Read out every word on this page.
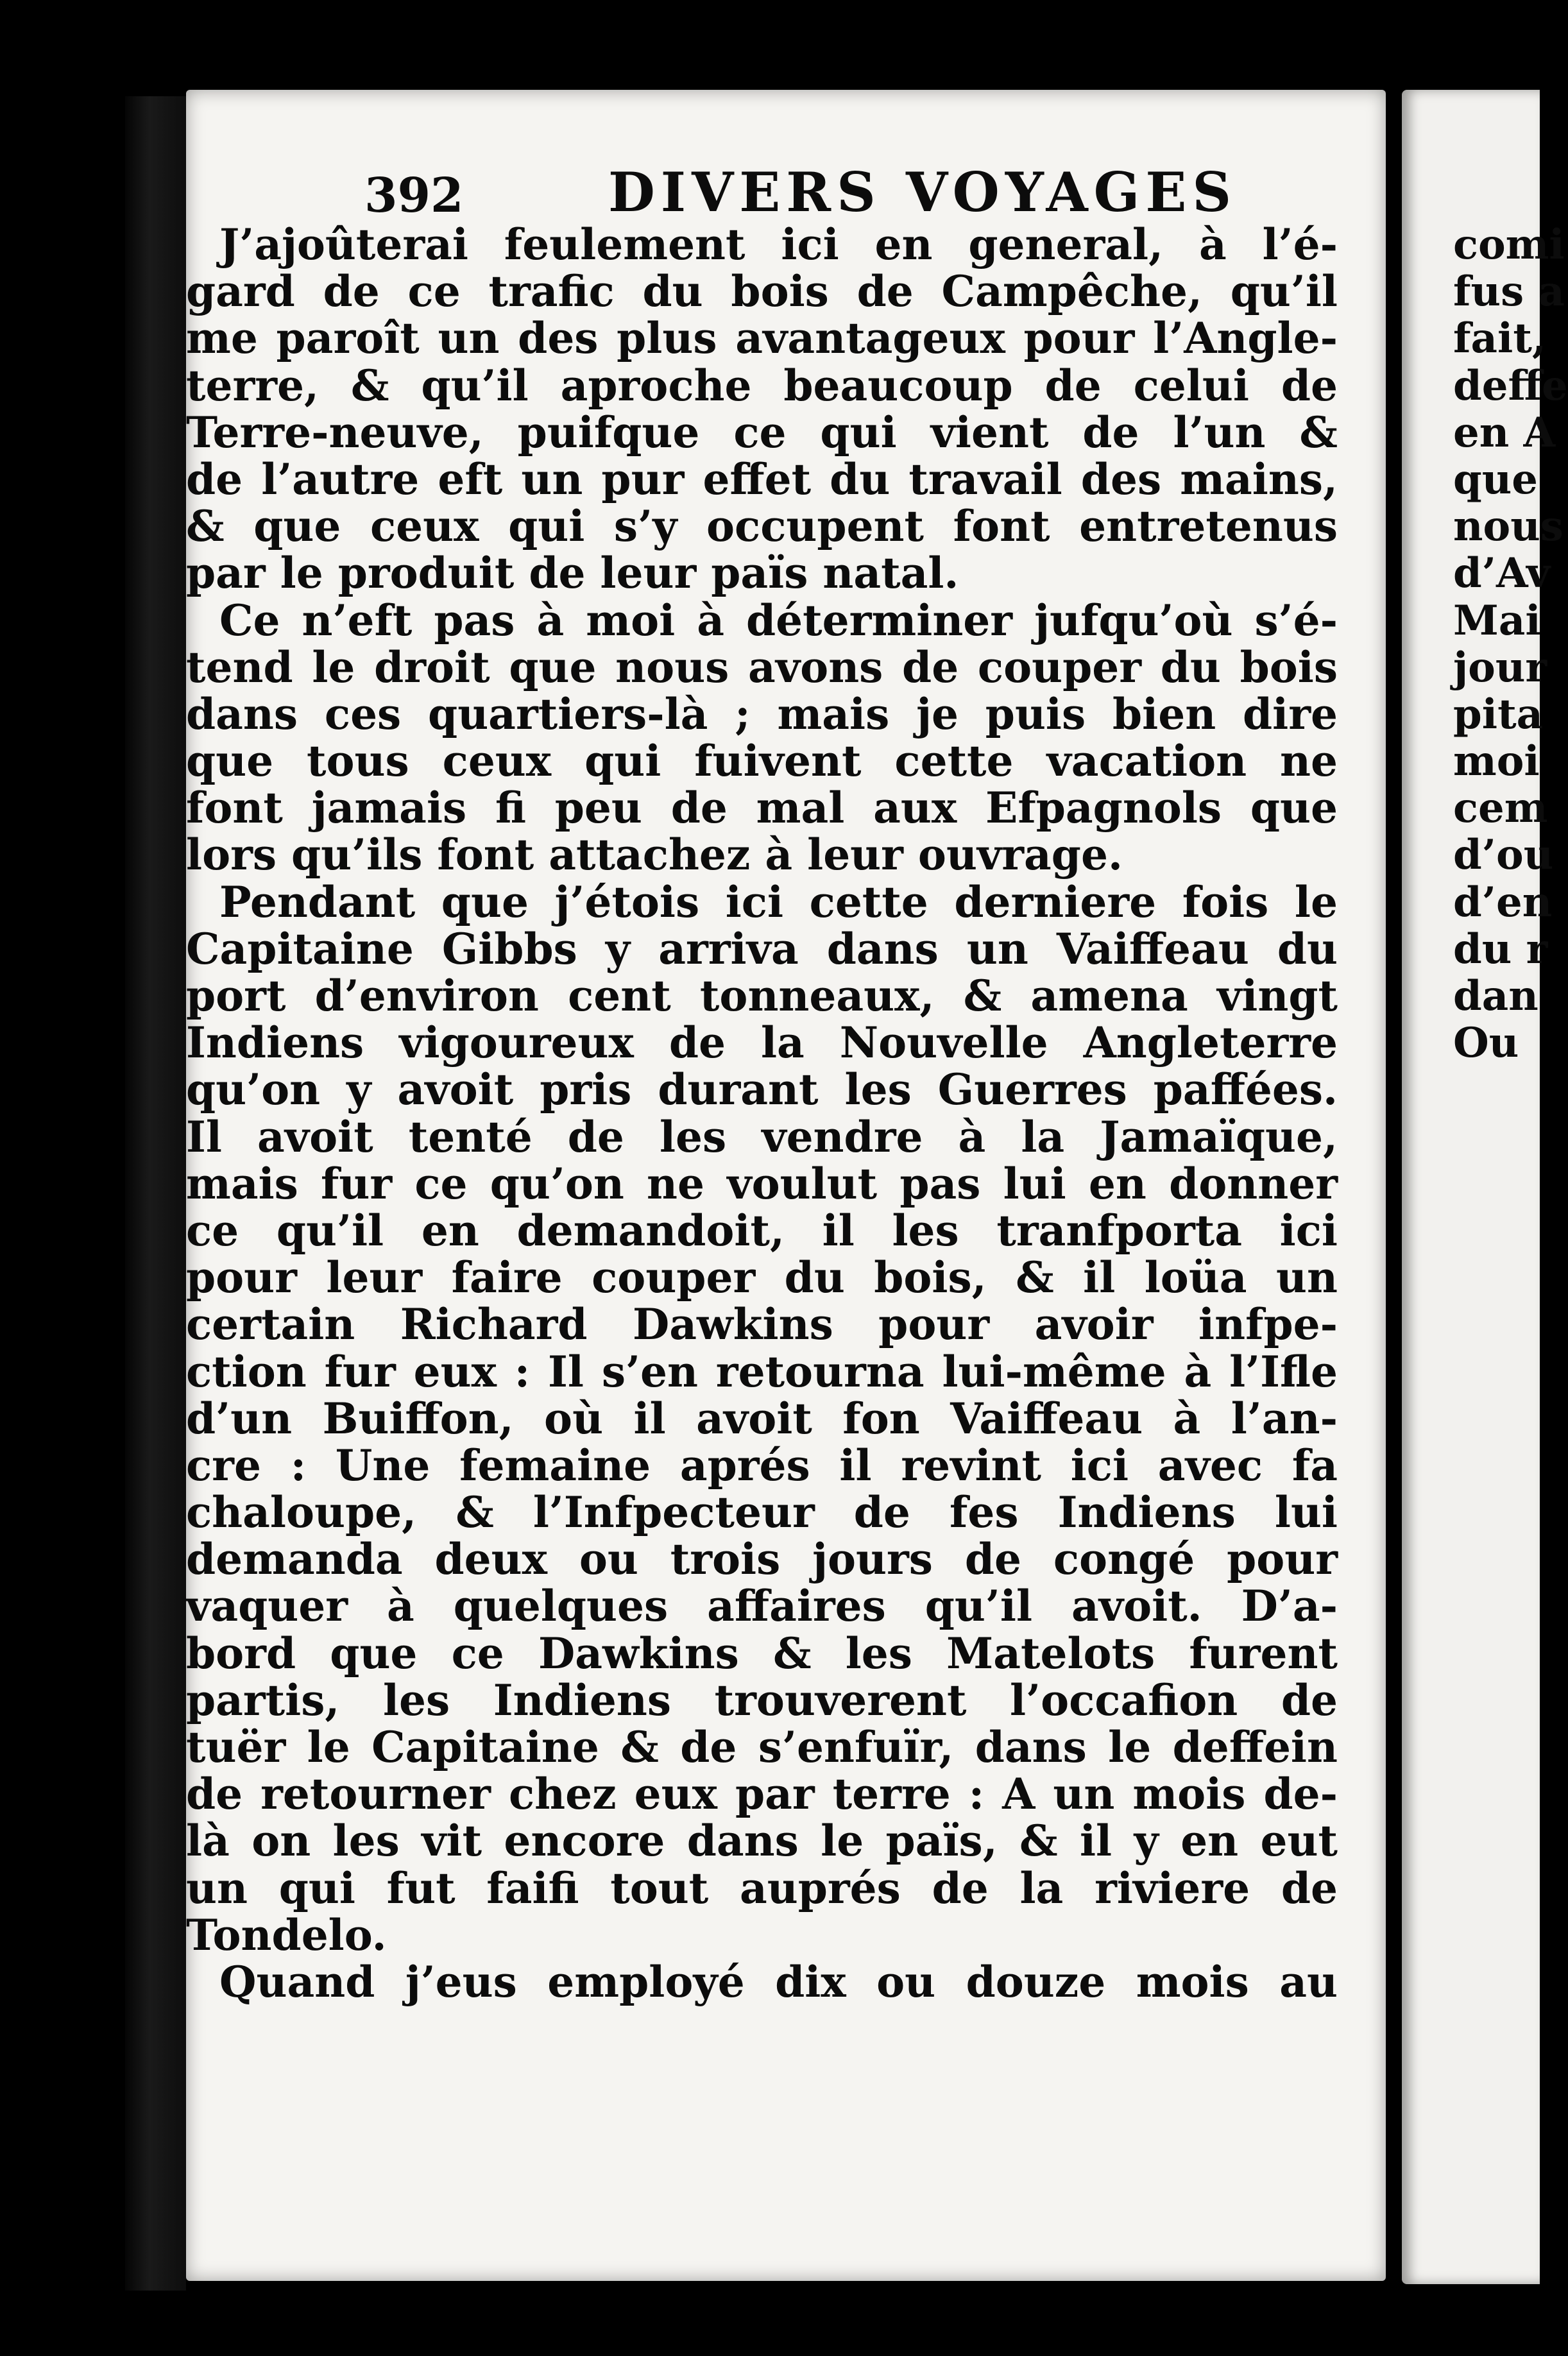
392	DIVERS VOYAGES
J’ajoûterai feulement ici en general, à l’é-
gard de ce trafic du bois de Campêche, qu’il
me paroît un des plus avantageux pour l’Angle-
terre, & qu’il aproche beaucoup de celui de
Terre-neuve, puifque ce qui vient de l’un &
de l’autre eft un pur effet du travail des mains,
& que ceux qui s’y occupent font entretenus
par le produit de leur païs natal.
Ce n’eft pas à moi à déterminer jufqu’où s’é-
tend le droit que nous avons de couper du bois
dans ces quartiers-là ; mais je puis bien dire
que tous ceux qui fuivent cette vacation ne
font jamais fi peu de mal aux Efpagnols que
lors qu’ils font attachez à leur ouvrage.
Pendant que j’étois ici cette derniere fois le
Capitaine Gibbs y arriva dans un Vaiffeau du
port d’environ cent tonneaux, & amena vingt
Indiens vigoureux de la Nouvelle Angleterre
qu’on y avoit pris durant les Guerres paffées.
Il avoit tenté de les vendre à la Jamaïque,
mais fur ce qu’on ne voulut pas lui en donner
ce qu’il en demandoit, il les tranfporta ici
pour leur faire couper du bois, & il loüa un
certain Richard Dawkins pour avoir infpe-
ction fur eux : Il s’en retourna lui-même à l’Ifle
d’un Buiffon, où il avoit fon Vaiffeau à l’an-
cre : Une femaine aprés il revint ici avec fa
chaloupe, & l’Infpecteur de fes Indiens lui
demanda deux ou trois jours de congé pour
vaquer à quelques affaires qu’il avoit. D’a-
bord que ce Dawkins & les Matelots furent
partis, les Indiens trouverent l’occafion de
tuër le Capitaine & de s’enfuïr, dans le deffein
de retourner chez eux par terre : A un mois de-
là on les vit encore dans le païs, & il y en eut
un qui fut faifi tout auprés de la riviere de
Tondelo.
Quand j’eus employé dix ou douze mois au
comi
fus a
fait,
deffe
en A
que
nous
d’Av
Mai
jour
pita
moi
cem
d’ou
d’en
du r
dan
Ou
